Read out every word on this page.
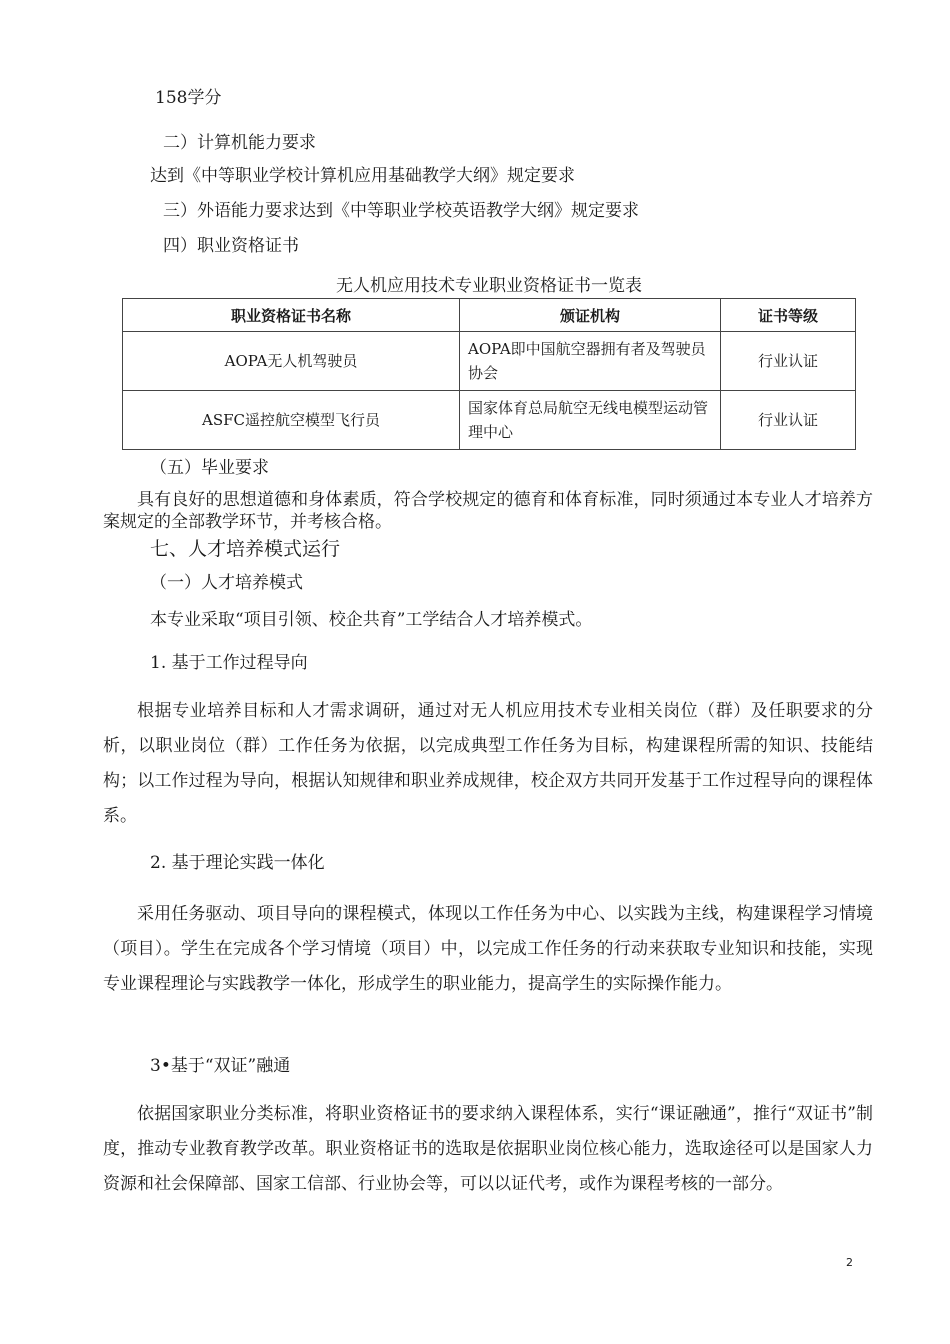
158学分
二）计算机能力要求
达到《中等职业学校计算机应用基础教学大纲》规定要求
三）外语能力要求达到《中等职业学校英语教学大纲》规定要求
四）职业资格证书
无人机应用技术专业职业资格证书一览表
职业资格证书名称	颁证机构	证书等级
AOPA无人机驾驶员	AOPA即中国航空器拥有者及驾驶员协会	行业认证
ASFC遥控航空模型飞行员	国家体育总局航空无线电模型运动管理中心	行业认证
（五）毕业要求
具有良好的思想道德和身体素质，符合学校规定的德育和体育标准，同时须通过本专业人才培养方案规定的全部教学环节，并考核合格。
七、人才培养模式运行
（一）人才培养模式
本专业采取“项目引领、校企共育”工学结合人才培养模式。
1. 基于工作过程导向
根据专业培养目标和人才需求调研，通过对无人机应用技术专业相关岗位（群）及任职要求的分析，以职业岗位（群）工作任务为依据，以完成典型工作任务为目标，构建课程所需的知识、技能结构；以工作过程为导向，根据认知规律和职业养成规律，校企双方共同开发基于工作过程导向的课程体系。
2. 基于理论实践一体化
采用任务驱动、项目导向的课程模式，体现以工作任务为中心、以实践为主线，构建课程学习情境（项目）。学生在完成各个学习情境（项目）中，以完成工作任务的行动来获取专业知识和技能，实现专业课程理论与实践教学一体化，形成学生的职业能力，提高学生的实际操作能力。
3•基于“双证”融通
依据国家职业分类标准，将职业资格证书的要求纳入课程体系，实行“课证融通”，推行“双证书”制度，推动专业教育教学改革。职业资格证书的选取是依据职业岗位核心能力，选取途径可以是国家人力资源和社会保障部、国家工信部、行业协会等，可以以证代考，或作为课程考核的一部分。
2
